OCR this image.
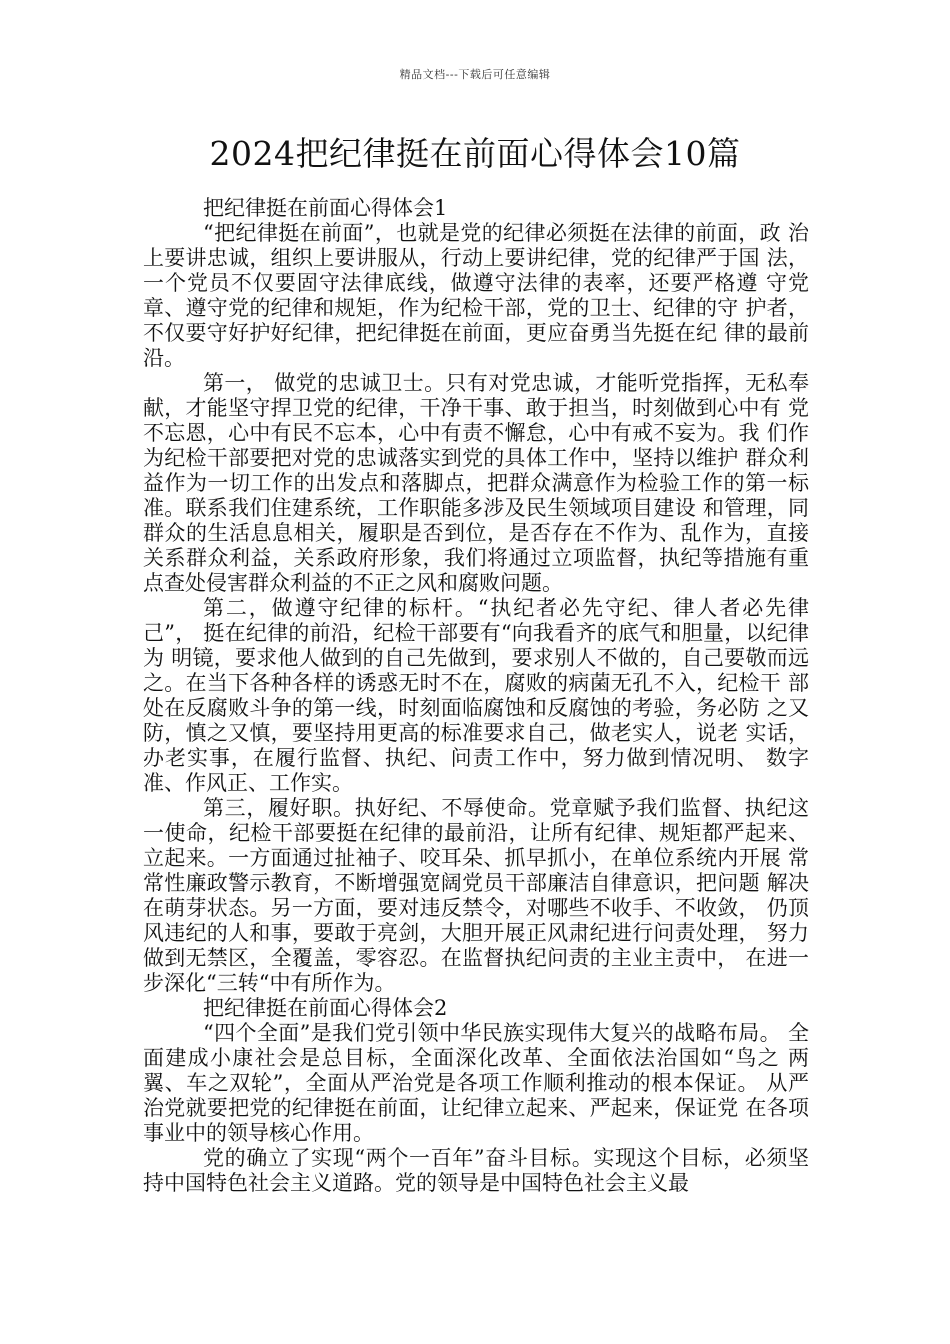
精品文档---下载后可任意编辑
2024把纪律挺在前面心得体会10篇

把纪律挺在前面心得体会1

“把纪律挺在前面”，也就是党的纪律必须挺在法律的前面，政 治上要讲忠诚，组织上要讲服从，行动上要讲纪律，党的纪律严于国 法，一个党员不仅要固守法律底线，做遵守法律的表率，还要严格遵 守党章、遵守党的纪律和规矩，作为纪检干部，党的卫士、纪律的守 护者，不仅要守好护好纪律，把纪律挺在前面，更应奋勇当先挺在纪 律的最前沿。

第一， 做党的忠诚卫士。只有对党忠诚，才能听党指挥，无私奉 献，才能坚守捍卫党的纪律，干净干事、敢于担当，时刻做到心中有 党不忘恩，心中有民不忘本，心中有责不懈怠，心中有戒不妄为。我 们作为纪检干部要把对党的忠诚落实到党的具体工作中，坚持以维护 群众利益作为一切工作的出发点和落脚点，把群众满意作为检验工作的第一标准。联系我们住建系统，工作职能多涉及民生领域项目建设 和管理，同群众的生活息息相关，履职是否到位，是否存在不作为、乱作为，直接关系群众利益，关系政府形象，我们将通过立项监督，执纪等措施有重点查处侵害群众利益的不正之风和腐败问题。

第二，做遵守纪律的标杆。“执纪者必先守纪、律人者必先律己”， 挺在纪律的前沿，纪检干部要有“向我看齐的底气和胆量，以纪律为 明镜，要求他人做到的自己先做到，要求别人不做的，自己要敬而远 之。在当下各种各样的诱惑无时不在，腐败的病菌无孔不入，纪检干 部处在反腐败斗争的第一线，时刻面临腐蚀和反腐蚀的考验，务必防 之又防，慎之又慎，要坚持用更高的标准要求自己，做老实人，说老 实话，办老实事，在履行监督、执纪、问责工作中，努力做到情况明、 数字准、作风正、工作实。

第三，履好职。执好纪、不辱使命。党章赋予我们监督、执纪这 一使命，纪检干部要挺在纪律的最前沿，让所有纪律、规矩都严起来、 立起来。一方面通过扯袖子、咬耳朵、抓早抓小，在单位系统内开展 常常性廉政警示教育，不断增强宽阔党员干部廉洁自律意识，把问题 解决在萌芽状态。另一方面，要对违反禁令，对哪些不收手、不收敛， 仍顶风违纪的人和事，要敢于亮剑，大胆开展正风肃纪进行问责处理， 努力做到无禁区，全覆盖，零容忍。在监督执纪问责的主业主责中， 在进一步深化“三转“中有所作为。

把纪律挺在前面心得体会2

“四个全面”是我们党引领中华民族实现伟大复兴的战略布局。 全面建成小康社会是总目标，全面深化改革、全面依法治国如“鸟之 两翼、车之双轮”，全面从严治党是各项工作顺利推动的根本保证。 从严治党就要把党的纪律挺在前面，让纪律立起来、严起来，保证党 在各项事业中的领导核心作用。

党的确立了实现“两个一百年”奋斗目标。实现这个目标，必须坚持中国特色社会主义道路。党的领导是中国特色社会主义最
